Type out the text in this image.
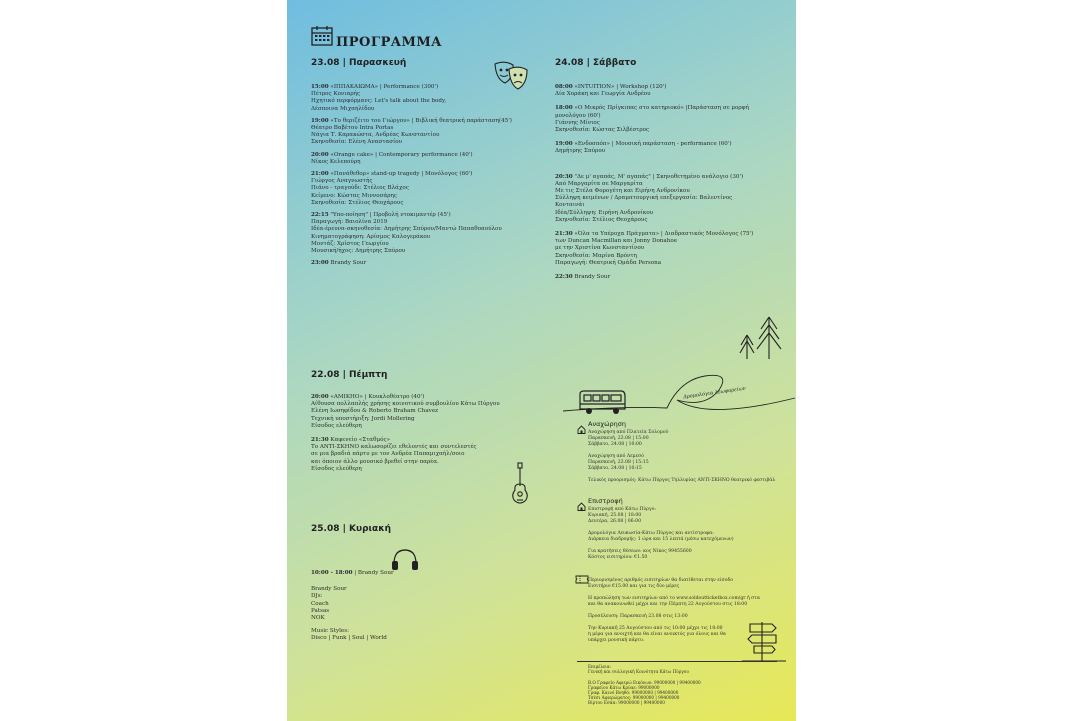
ΠΡΟΓΡΑΜΜΑ
23.08 | Παρασκευή	24.08 | Σάββατο
22.08 | Πέμπτη
25.08 | Κυριακή
15:00 «ΙΠΠΑΚΑΙΩΜΑ» | Performance (300')
Πέτρος Κονιαρής
Ηχητικό περφόρμανς: Let's talk about the body,
Δέσποινα Μιχαηλίδου
19:00 «Το θεριζέιτο του Γιώργου» | Βιβλική θεατρική παράσταση(45')
Θέατρο Βαβέτου Intra Portas
Νάγια Τ. Καρακώστα, Ανδρέας Κωνσταντίου
Σκηνοθεσία: Ελένη Αναστασίου
20:00 «Orange cake» | Contemporary performance (40')
Νίκος Κελεπούρη
21:00 «Πανάθεθορ» stand-up tragedy | Μονόλογος (60')
Γιώργος Αναγνωστής
Πιάνο - τραγούδι: Στέλιος Βλάχος
Κείμενο: Κώστας Μιννοσάρης
Σκηνοθεσία: Στέλιος Θεοχάρους
22:15 "Υπο-ποίηση" | Προβολή ντοκιμαντέρ (45')
Παραγωγή: Βαιολίνα 2019
Ιδέα-έρευνα-σκηνοθεσία: Δημήτρης Σπύρου/Μαντώ Παπαθοπούλου
Κινηματογράφηση: Αρίσμος Καλογεράκου
Μοντάζ: Χρίστος Γεωργίου
Μουσική/ήχος: Δημήτρης Σπύρου
23:00 Brandy Sour
08:00 «INTUITION» | Workshop (120')
Δία Χοράκη και Γεωργία Ανδρέου
18:00 «Ο Μικρός Πρίγκιπας στο κατηριοκό» |Παράσταση σε μορφή
μονολόγου (60')
Γιάννης Μίνιος
Σκηνοθεσία: Κώστας Σιλβέστρος
19:00 «Ενδοσπόπ» | Μουσική παράσταση - performance (60')
Δημήτρης Σπύρου
20:30 "Δε μ' αγαπάς, Μ' αγαπάς" | Σκηνοθετημένο ανάλογιο (30')
Από Μαργαρίτα σε Μαργαρίτα
Με τις Στέλα Φορογέτη και Ειρήνη Ανδρονίκου
Σύλληψη κειμένων / Δραματουργική επεξεργασία: Βαλεντίνος
Κονταινάι
Ιδέα/Σύλληψη: Ειρήνη Ανδρονίκου
Σκηνοθεσία: Στέλιος Θεοχάρους
21:30 «Όλα τα Υπέροχα Πράγματα» | Διαδραστικός Μονόλογος (75')
των Duncan Macmillan και Jonny Donahoe
με την Χριστίνα Κωνσταντίνου
Σκηνοθεσία: Μαρίνα Βρόντη
Παραγωγή: Θεατρική Ομάδα Persona
22:30 Brandy Sour
20:00 «ΑΜΙΚΗΟ» | Κουκλοθέατρο (40')
Αίθουσα πολλαπλής χρήσης κοινοτικού συμβουλίου Κάτω Πύργου
Ελένη Ιωσηφίδου & Roberto Braham Chavez
Τεχνική υποστήριξη: Jordi Mollering
Είσοδος ελεύθερη
21:30 Καφενείο «Σταθμός»
Το ANTI-ΣΚΗΝΟ καλωσορίζει εθελοντές και συντελεστές
σε μια βραδιά πάρτυ με τον Ανδρέα Παπαμιχαήλ/σοιο
και όποιον άλλο μουσικό βρεθεί στην παρέα.
Είσοδος ελεύθερη
10:00 - 18:00 | Brandy Sour
Brandy Sour
DJs:
Coach
Patsas
NOK
Music Styles:
Disco | Funk | Soul | World
Δρομολόγια λεωφορείων
Αναχώρηση
Αναχώρηση από Πλατεία Σολομού
Παρασκευή, 23.08 | 15:00
Σάββατο, 24.08 | 10:00

Αναχώρηση από Λεμεσό
Παρασκευή, 23.08 | 15:15
Σάββατο, 24.08 | 10:15

Τελικός προορισμός: Κάτω Πύργος Τηλλυρίας ANTI-ΣΚΗΝΟ θεατρικό φεστιβάλ
Επιστροφή
Επιστροφή από Κάτω Πύργο:
Κυριακή, 25.08 | 18:00
Δευτέρα, 26.08 | 06:00

Δρομολόγια Λευκωσία-Κάτω Πύργος και αντίστροφα:
Διάρκεια διαδρομής: 1 ώρα και 15 λεπτά (μέσω κατεχόμενων)

Για κρατήσεις θέσεων: κος Νίκος 99455600
Κόστος εισιτηρίου: €1.50
Περιορισμένος αριθμός εισιτηρίων θα διατίθεται στην είσοδο
Εισιτήριο €15.00 και για τις δύο μέρες

Η προπώληση των εισιτηρίων από το www.soldoutticketbox.com/gr ή στα
και θα ανακοινωθεί μέχρι και την Πέμπτη 22 Αυγούστου στις 18:00

Προσέλευση: Παρασκευή 23.08 στις 13:00

Την Κυριακή 25 Αυγούστου από τις 10:00 μέχρι τις 18:00
η μέρα για ανοιχτή και θα είναι ανοικτός για όλους και θα
υπάρχει μουσική πάρτυ.
Επιμέλεια:
Γενική και συλλογική Κοινότητα Κάτω Πύργου

Β.Ο Γραφείο Αφιερώ Εικόνων: 99000000 | 99400000
Γραφείου Κάτω Κρύαε: 99000000
Γραφ. Καινό Βοηθό: 99000000 | 99400000
Τσέσι Αφιερώματος: 99000000 | 99400000
Βίρτου Εσάα: 99000000 | 99400000
